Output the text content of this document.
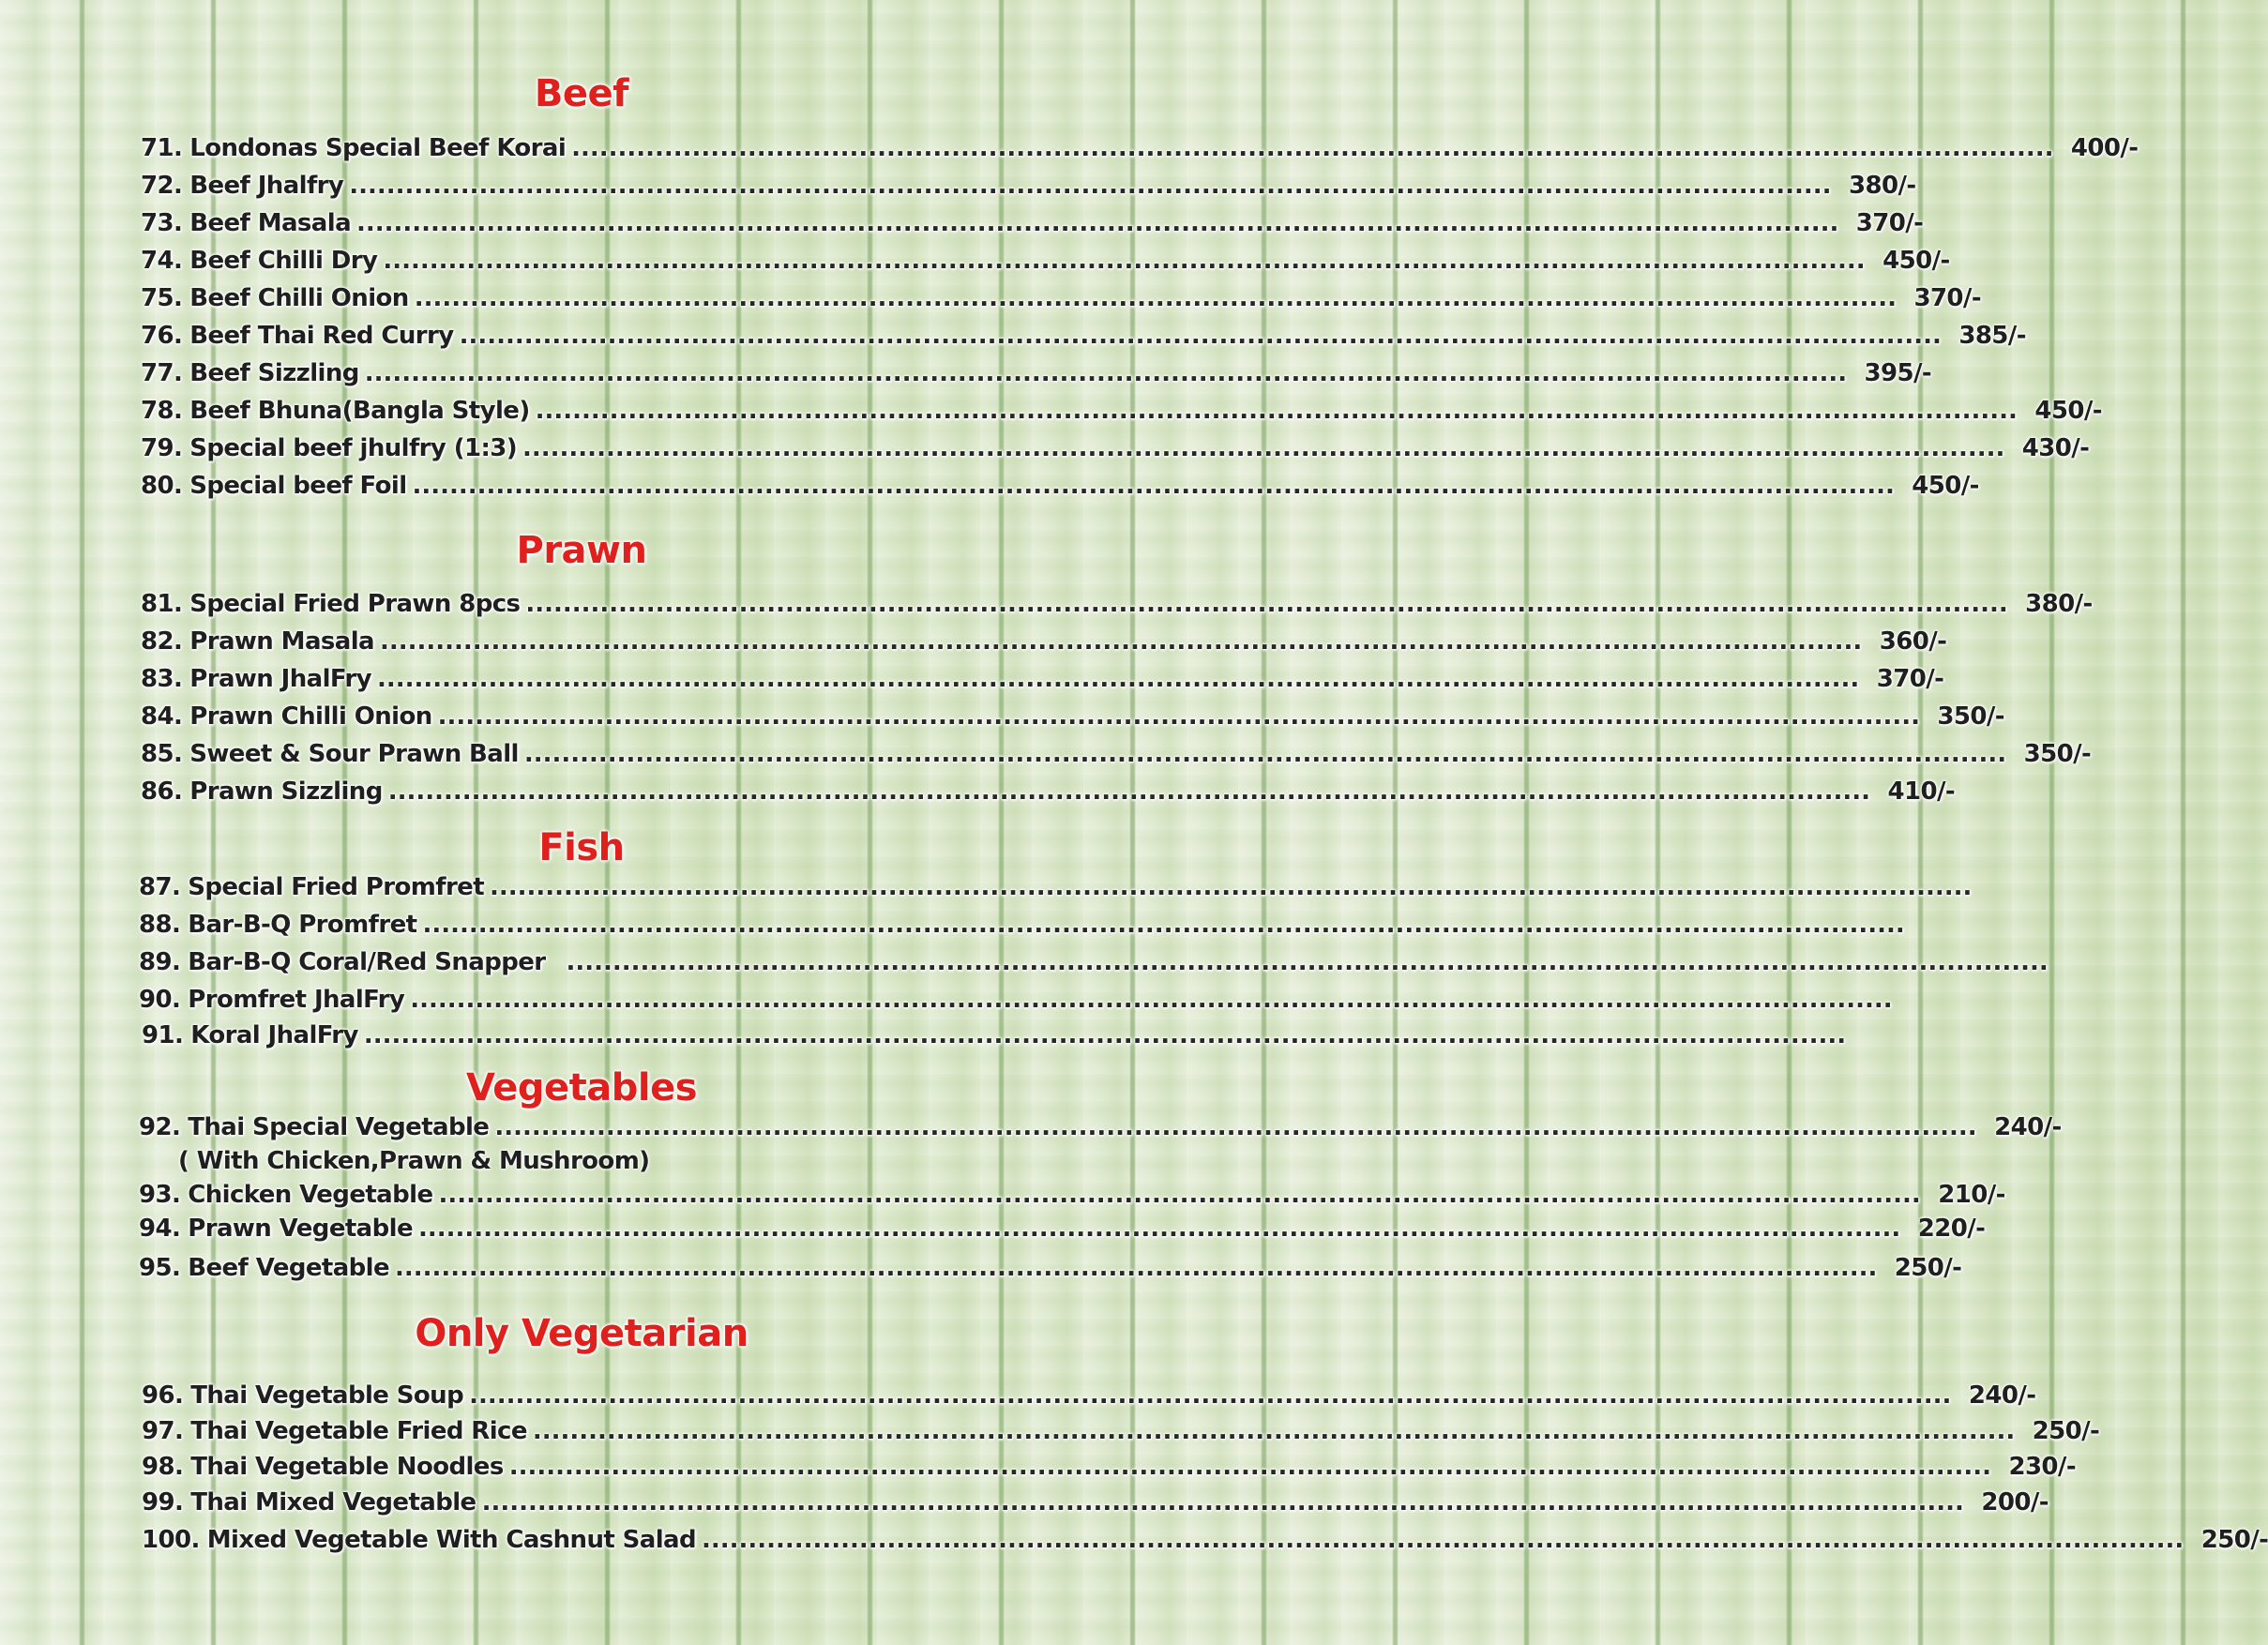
Beef
71. Londonas Special Beef Korai ................................................................................................................................................................ 400/-
72. Beef Jhalfry ................................................................................................................................................................ 380/-
73. Beef Masala ................................................................................................................................................................ 370/-
74. Beef Chilli Dry ................................................................................................................................................................ 450/-
75. Beef Chilli Onion ................................................................................................................................................................ 370/-
76. Beef Thai Red Curry ................................................................................................................................................................ 385/-
77. Beef Sizzling ................................................................................................................................................................ 395/-
78. Beef Bhuna(Bangla Style) ................................................................................................................................................................ 450/-
79. Special beef jhulfry (1:3) ................................................................................................................................................................ 430/-
80. Special beef Foil ................................................................................................................................................................ 450/-
Prawn
81. Special Fried Prawn 8pcs ................................................................................................................................................................ 380/-
82. Prawn Masala ................................................................................................................................................................ 360/-
83. Prawn JhalFry ................................................................................................................................................................ 370/-
84. Prawn Chilli Onion ................................................................................................................................................................ 350/-
85. Sweet & Sour Prawn Ball ................................................................................................................................................................ 350/-
86. Prawn Sizzling ................................................................................................................................................................ 410/-
Fish
87. Special Fried Promfret ................................................................................................................................................................
88. Bar-B-Q Promfret ................................................................................................................................................................
89. Bar-B-Q Coral/Red Snapper ................................................................................................................................................................
90. Promfret JhalFry ................................................................................................................................................................
91. Koral JhalFry ................................................................................................................................................................
Vegetables
92. Thai Special Vegetable ................................................................................................................................................................ 240/-
( With Chicken,Prawn & Mushroom)
93. Chicken Vegetable ................................................................................................................................................................ 210/-
94. Prawn Vegetable ................................................................................................................................................................ 220/-
95. Beef Vegetable ................................................................................................................................................................ 250/-
Only Vegetarian
96. Thai Vegetable Soup ................................................................................................................................................................ 240/-
97. Thai Vegetable Fried Rice ................................................................................................................................................................ 250/-
98. Thai Vegetable Noodles ................................................................................................................................................................ 230/-
99. Thai Mixed Vegetable ................................................................................................................................................................ 200/-
100. Mixed Vegetable With Cashnut Salad ................................................................................................................................................................ 250/-
